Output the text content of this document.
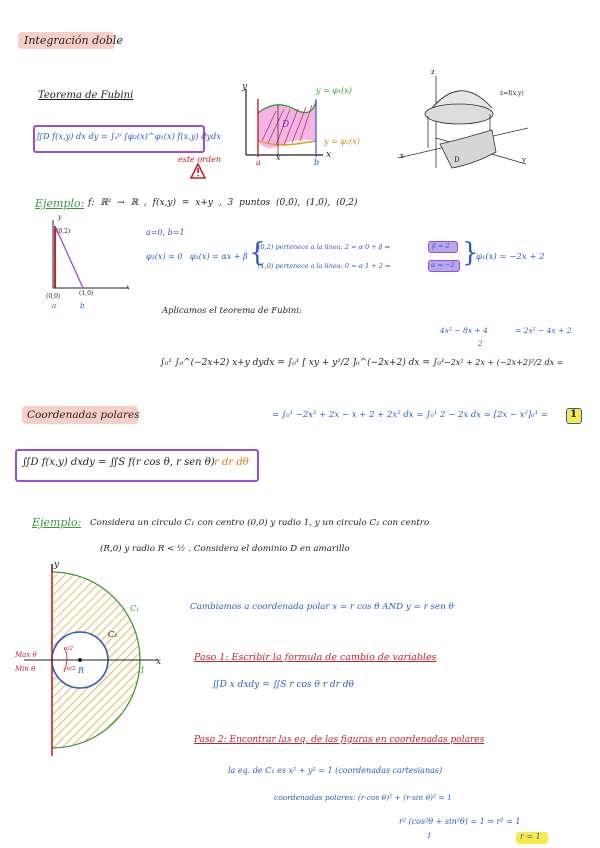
Integración doble
Teorema de Fubini
∬D f(x,y) dx dy = ∫ₐᵇ ∫φ₂(x)^φ₁(x) f(x,y) dydx
este orden
y
x
y = φ₁(x)
y = φ₂(x)
D
a	b
x
z
x	y
z=f(x,y)
D
Ejemplo: f: ℝ² → ℝ , f(x,y) = x+y , 3 puntos (0,0), (1,0), (0,2)
(0,2)
(0,0)	(1,0)
a	b
x
y
a=0, b=1
φ₂(x) = 0 φ₁(x) = αx + β {
(0,2) pertenece a la linea: 2 = α·0 + β ⇒	β = 2
(1,0) pertenece a la linea: 0 = α·1 + 2 ⇒	α = −2 }
φ₁(x) = −2x + 2
Aplicamos el teorema de Fubini:
4x² − 8x + 4	= 2x² − 4x + 2
2
∫₀¹ ∫₀^(−2x+2) x+y dydx = ∫₀¹ [ xy + y²/2 ]₀^(−2x+2) dx = ∫₀¹ −2x² + 2x + (−2x+2)²/2 dx =
= ∫₀¹ −2x² + 2x − x + 2 + 2x² dx = ∫₀¹ 2 − 2x dx = [2x − x²]₀¹ = 1
Coordenadas polares
∬D f(x,y) dxdy = ∬S f(r cos θ, r sen θ) r dr dθ
Ejemplo: Considera un circulo C₁ con centro (0,0) y radio 1, y un circulo C₂ con centro
(R,0) y radio R < ½ . Considera el dominio D en amarillo
y
x
C₁
C₂
R	1
Max θ
Min θ
π/2
−π/2
Cambiamos a coordenada polar x = r cos θ AND y = r sen θ
Paso 1: Escribir la formula de cambio de variables
∬D x dxdy = ∬S r cos θ r dr dθ
Paso 2: Encontrar las eq. de las figuras en coordenadas polares
la eq. de C₁ es x² + y² = 1 (coordenadas cartesianas)
coordenadas polares: (r·cos θ)² + (r·sin θ)² = 1
r² (cos²θ + sin²θ) = 1 ⇒ r² = 1
1	r = 1
